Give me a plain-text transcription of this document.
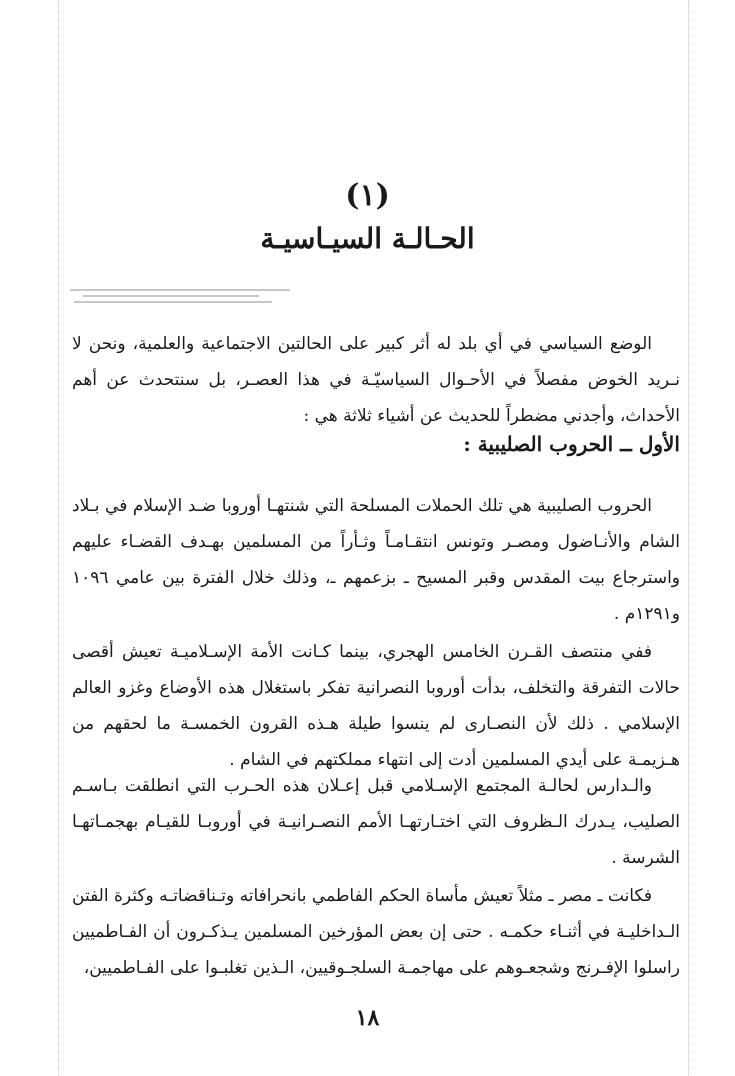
(١)
الحـالـة السيـاسيـة

الوضع السياسي في أي بلد له أثر كبير على الحالتين الاجتماعية والعلمية، ونحن لا نـريد الخوض مفصلاً في الأحـوال السياسيّـة في هذا العصـر، بل سنتحدث عن أهم الأحداث، وأجدني مضطراً للحديث عن أشياء ثلاثة هي :

الأول ــ الحروب الصليبية :

الحروب الصليبية هي تلك الحملات المسلحة التي شنتهـا أوروبا ضـد الإسلام في بـلاد الشام والأنـاضول ومصـر وتونس انتقـامـاً وثـأراً من المسلمين بهـدف القضـاء عليهم واسترجاع بيت المقدس وقبر المسيح ـ بزعمهم ـ، وذلك خلال الفترة بين عامي ١٠٩٦ و١٢٩١م .

ففي منتصف القـرن الخامس الهجري، بينما كـانت الأمة الإسـلاميـة تعيش أقصى حالات التفرقة والتخلف، بدأت أوروبا النصرانية تفكر باستغلال هذه الأوضاع وغزو العالم الإسلامي . ذلك لأن النصـارى لم ينسوا طيلة هـذه القرون الخمسـة ما لحقهم من هـزيمـة على أيدي المسلمين أدت إلى انتهاء مملكتهم في الشام .

والـدارس لحالـة المجتمع الإسـلامي قبل إعـلان هذه الحـرب التي انطلقت بـاسـم الصليب، يـدرك الـظروف التي اختـارتهـا الأمم النصـرانيـة في أوروبـا للقيـام بهجمـاتهـا الشرسة .

فكانت ـ مصر ـ مثلاً تعيش مأساة الحكم الفاطمي بانحرافاته وتـناقضاتـه وكثرة الفتن الـداخليـة في أثنـاء حكمـه . حتى إن بعض المؤرخين المسلمين يـذكـرون أن الفـاطميين راسلوا الإفـرنج وشجعـوهم على مهاجمـة السلجـوقيين، الـذين تغلبـوا على الفـاطميين،

١٨
